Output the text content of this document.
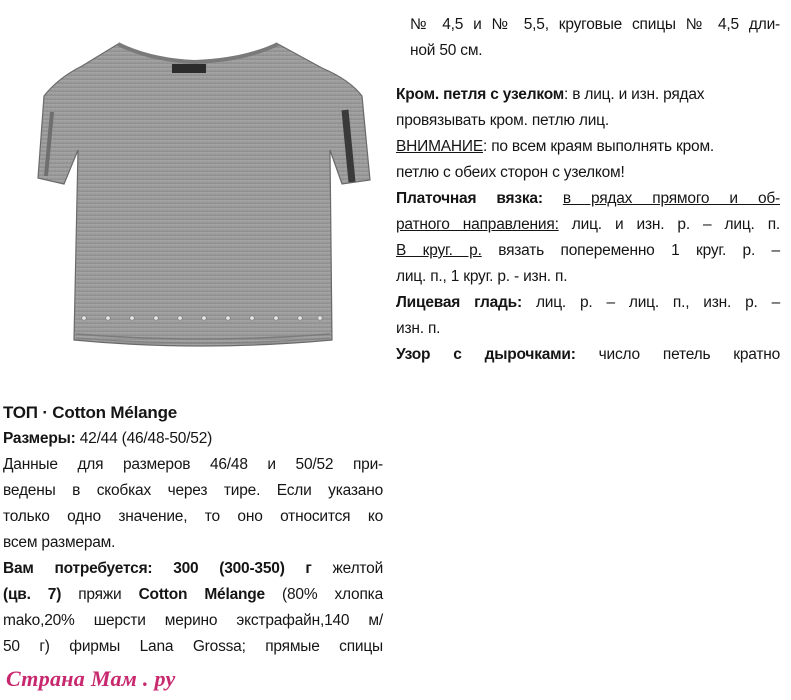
ТОП · Cotton Mélange
Размеры: 42/44 (46/48-50/52)
Данные для размеров 46/48 и 50/52 при-
ведены в скобках через тире. Если указано
только одно значение, то оно относится ко
всем размерам.
Вам потребуется: 300 (300-350) г желтой
(цв. 7) пряжи Cotton Mélange (80% хлопка
mako,20% шерсти мерино экстрафайн,140 м/
50 г) фирмы Lana Grossa; прямые спицы
№ 4,5 и № 5,5, круговые спицы № 4,5 дли-
ной 50 см.
Кром. петля с узелком: в лиц. и изн. рядах
провязывать кром. петлю лиц.
ВНИМАНИЕ: по всем краям выполнять кром.
петлю с обеих сторон с узелком!
Платочная вязка: в рядах прямого и об-
ратного направления: лиц. и изн. р. – лиц. п.
В круг. р. вязать попеременно 1 круг. р. –
лиц. п., 1 круг. р. - изн. п.
Лицевая гладь: лиц. р. – лиц. п., изн. р. –
изн. п.
Узор с дырочками: число петель кратно
Страна Мам . ру
